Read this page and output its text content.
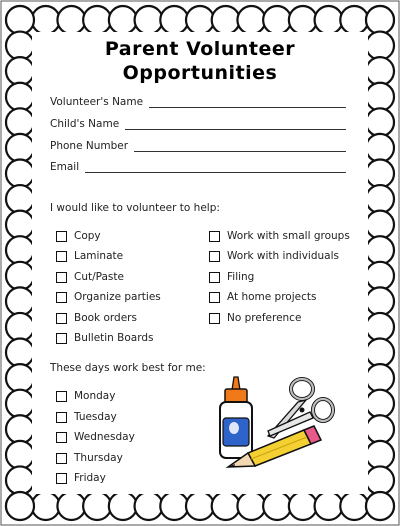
Parent Volunteer
Opportunities
Volunteer's Name
Child's Name
Phone Number
Email
I would like to volunteer to help:
Copy
Laminate
Cut/Paste
Organize parties
Book orders
Bulletin Boards
Work with small groups
Work with individuals
Filing
At home projects
No preference
These days work best for me:
Monday
Tuesday
Wednesday
Thursday
Friday
